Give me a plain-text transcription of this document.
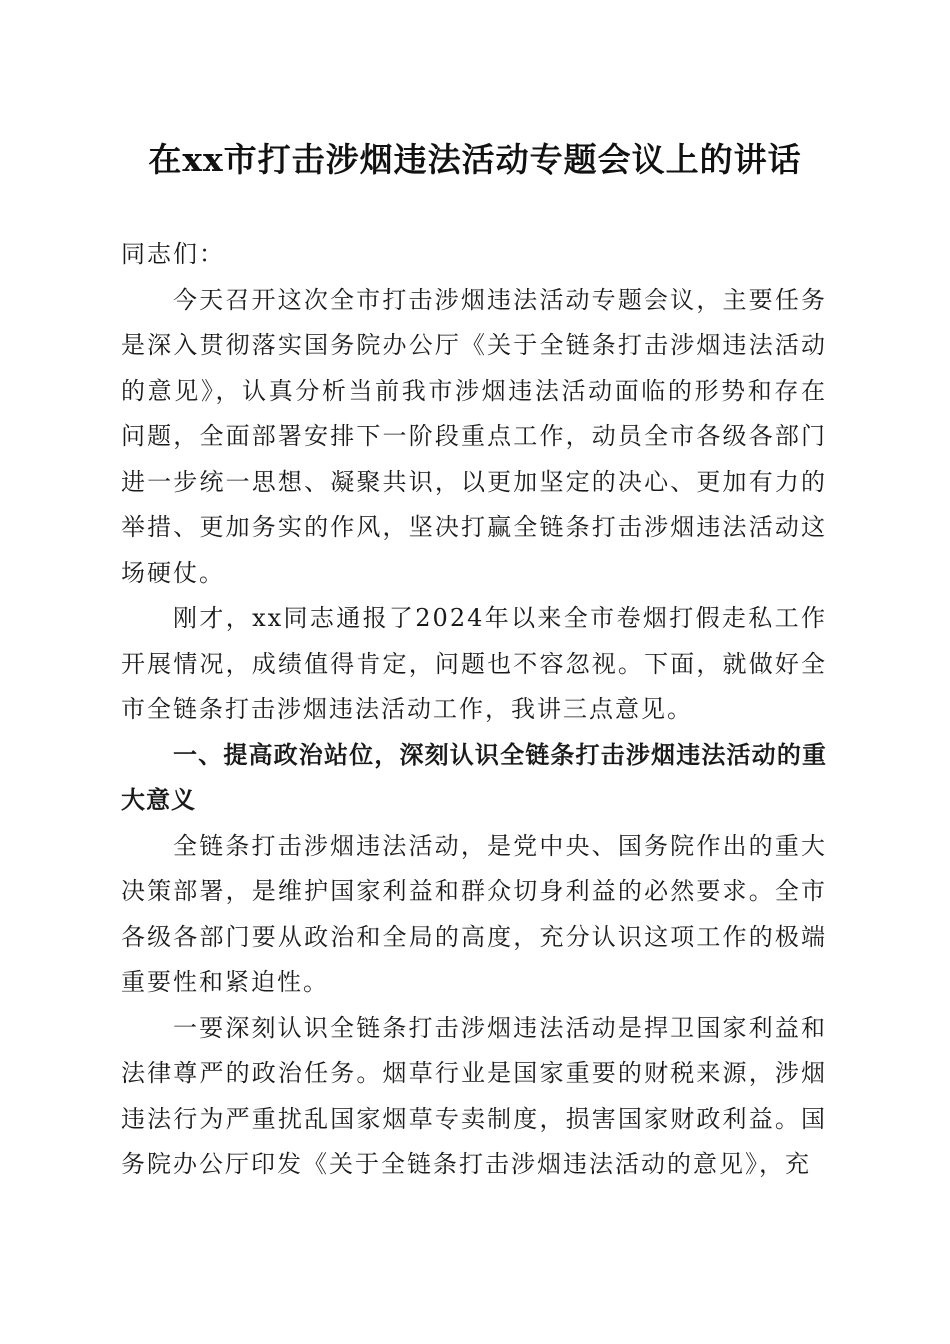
在xx市打击涉烟违法活动专题会议上的讲话

同志们：

今天召开这次全市打击涉烟违法活动专题会议，主要任务是深入贯彻落实国务院办公厅《关于全链条打击涉烟违法活动的意见》，认真分析当前我市涉烟违法活动面临的形势和存在问题，全面部署安排下一阶段重点工作，动员全市各级各部门进一步统一思想、凝聚共识，以更加坚定的决心、更加有力的举措、更加务实的作风，坚决打赢全链条打击涉烟违法活动这场硬仗。

刚才，xx同志通报了2024年以来全市卷烟打假走私工作开展情况，成绩值得肯定，问题也不容忽视。下面，就做好全市全链条打击涉烟违法活动工作，我讲三点意见。

一、提高政治站位，深刻认识全链条打击涉烟违法活动的重大意义

全链条打击涉烟违法活动，是党中央、国务院作出的重大决策部署，是维护国家利益和群众切身利益的必然要求。全市各级各部门要从政治和全局的高度，充分认识这项工作的极端重要性和紧迫性。

一要深刻认识全链条打击涉烟违法活动是捍卫国家利益和法律尊严的政治任务。烟草行业是国家重要的财税来源，涉烟违法行为严重扰乱国家烟草专卖制度，损害国家财政利益。国务院办公厅印发《关于全链条打击涉烟违法活动的意见》，充
